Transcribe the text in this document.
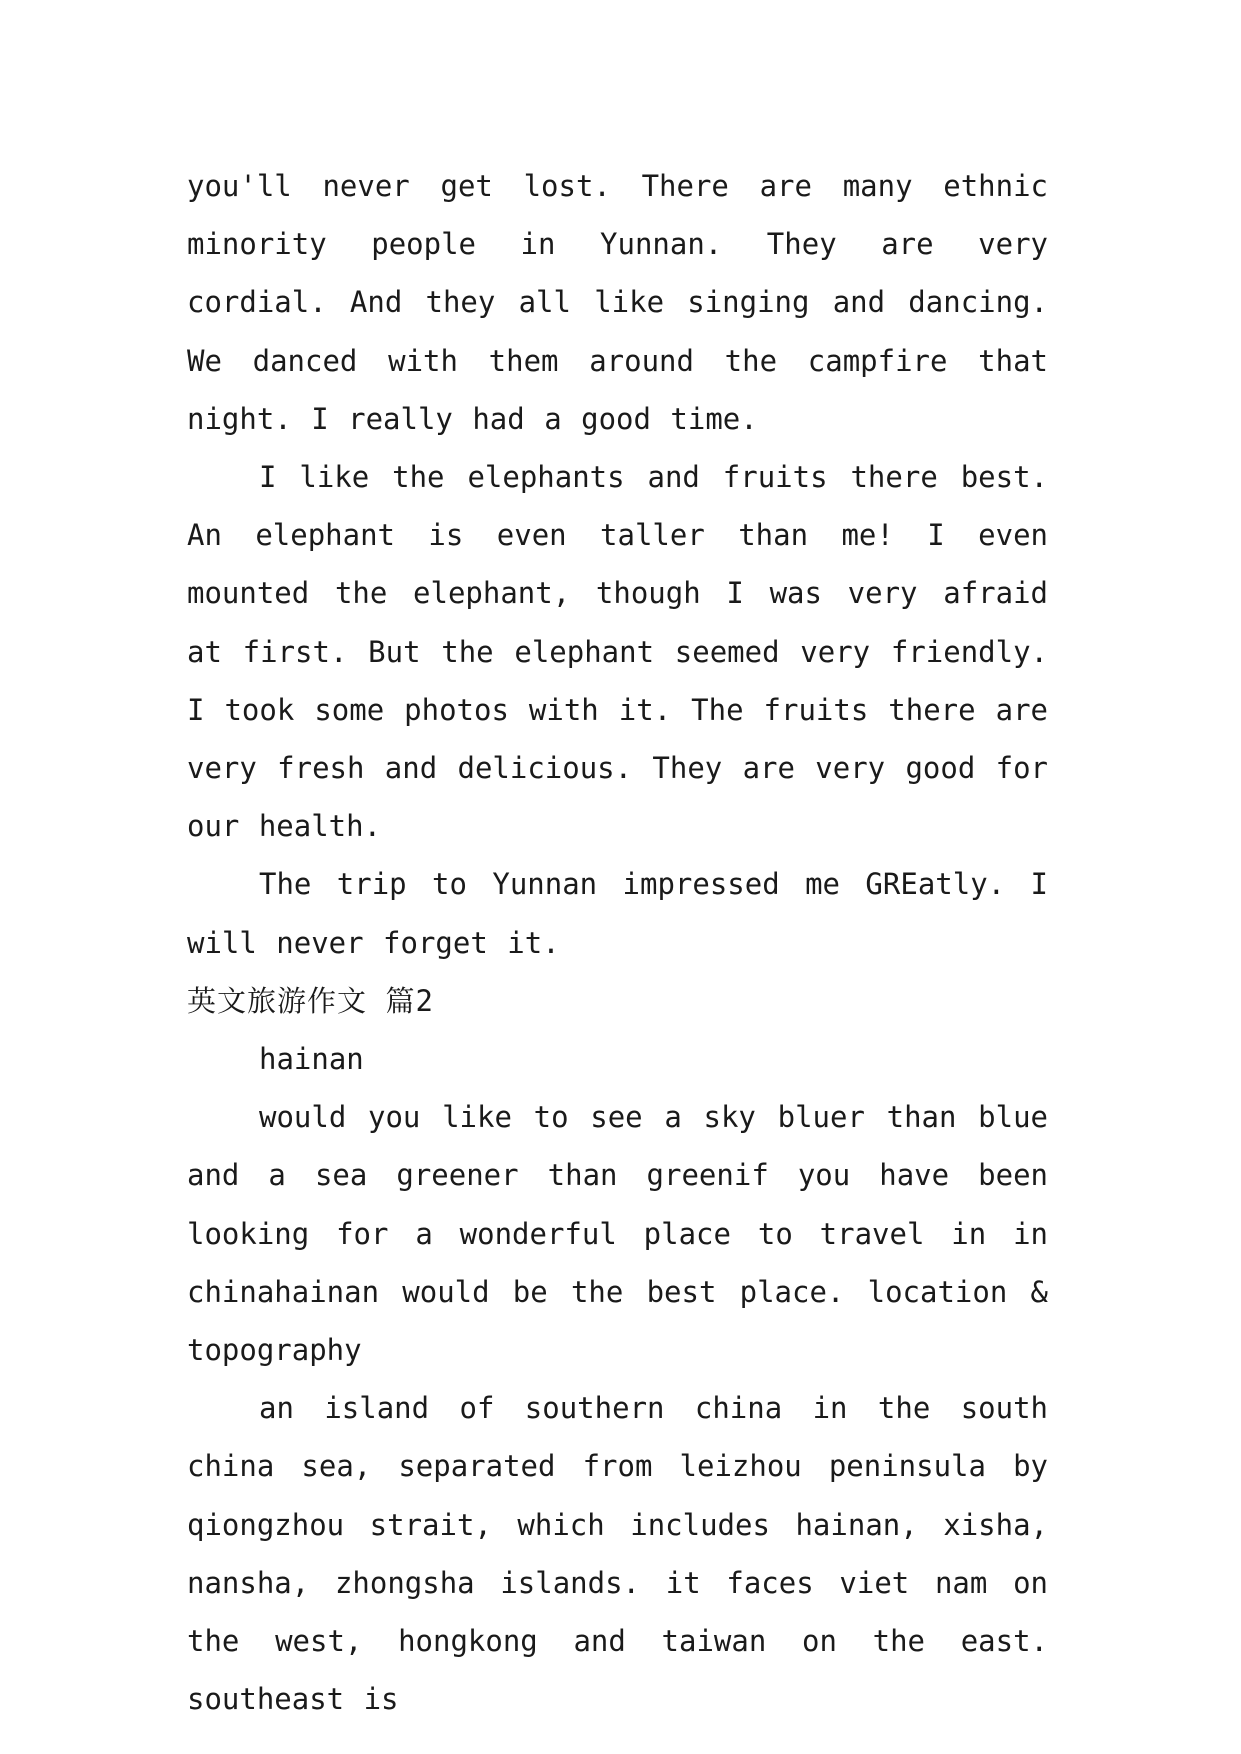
you'll never get lost. There are many ethnic minority people in Yunnan. They are very cordial. And they all like singing and dancing. We danced with them around the campfire that night. I really had a good time.

I like the elephants and fruits there best. An elephant is even taller than me! I even mounted the elephant, though I was very afraid at first. But the elephant seemed very friendly. I took some photos with it. The fruits there are very fresh and delicious. They are very good for our health.

The trip to Yunnan impressed me GREatly. I will never forget it.

英文旅游作文 篇2

hainan

would you like to see a sky bluer than blue and a sea greener than greenif you have been looking for a wonderful place to travel in in chinahainan would be the best place. location & topography

an island of southern china in the south china sea, separated from leizhou peninsula by qiongzhou strait, which includes hainan, xisha, nansha, zhongsha islands. it faces viet nam on the west, hongkong and taiwan on the east. southeast is
